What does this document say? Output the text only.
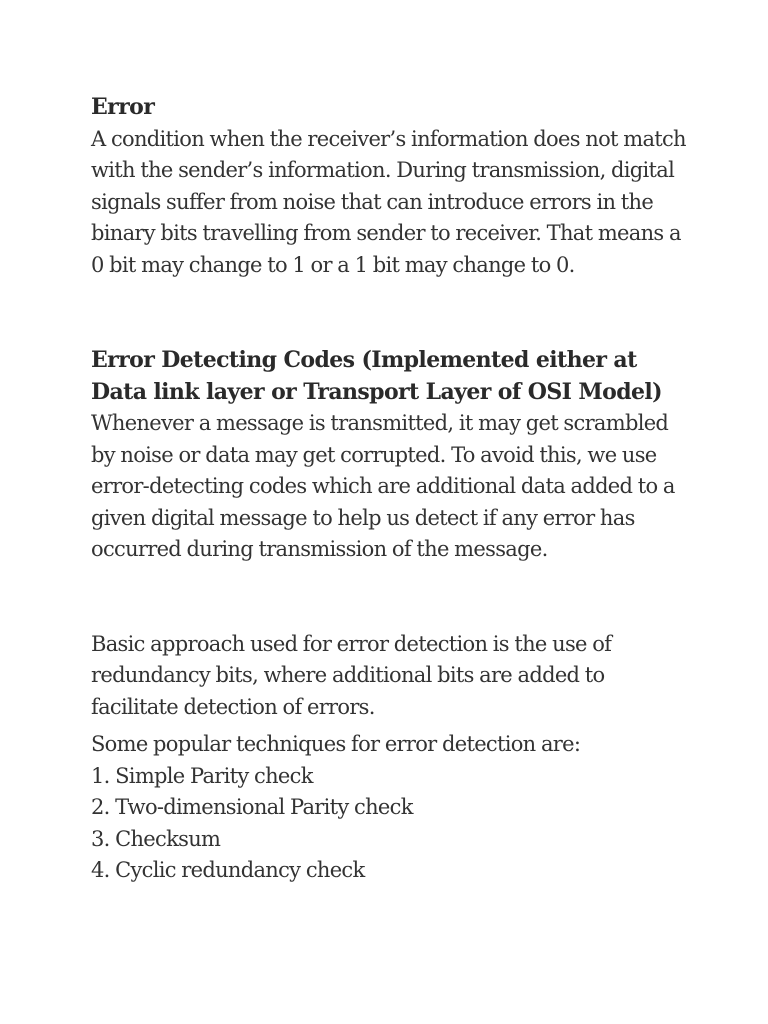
Error

A condition when the receiver’s information does not match with the sender’s information. During transmission, digital signals suffer from noise that can introduce errors in the binary bits travelling from sender to receiver. That means a 0 bit may change to 1 or a 1 bit may change to 0.

Error Detecting Codes (Implemented either at Data link layer or Transport Layer of OSI Model)

Whenever a message is transmitted, it may get scrambled by noise or data may get corrupted. To avoid this, we use error-detecting codes which are additional data added to a given digital message to help us detect if any error has occurred during transmission of the message.

Basic approach used for error detection is the use of redundancy bits, where additional bits are added to facilitate detection of errors.

Some popular techniques for error detection are:

1. Simple Parity check
2. Two-dimensional Parity check
3. Checksum
4. Cyclic redundancy check
